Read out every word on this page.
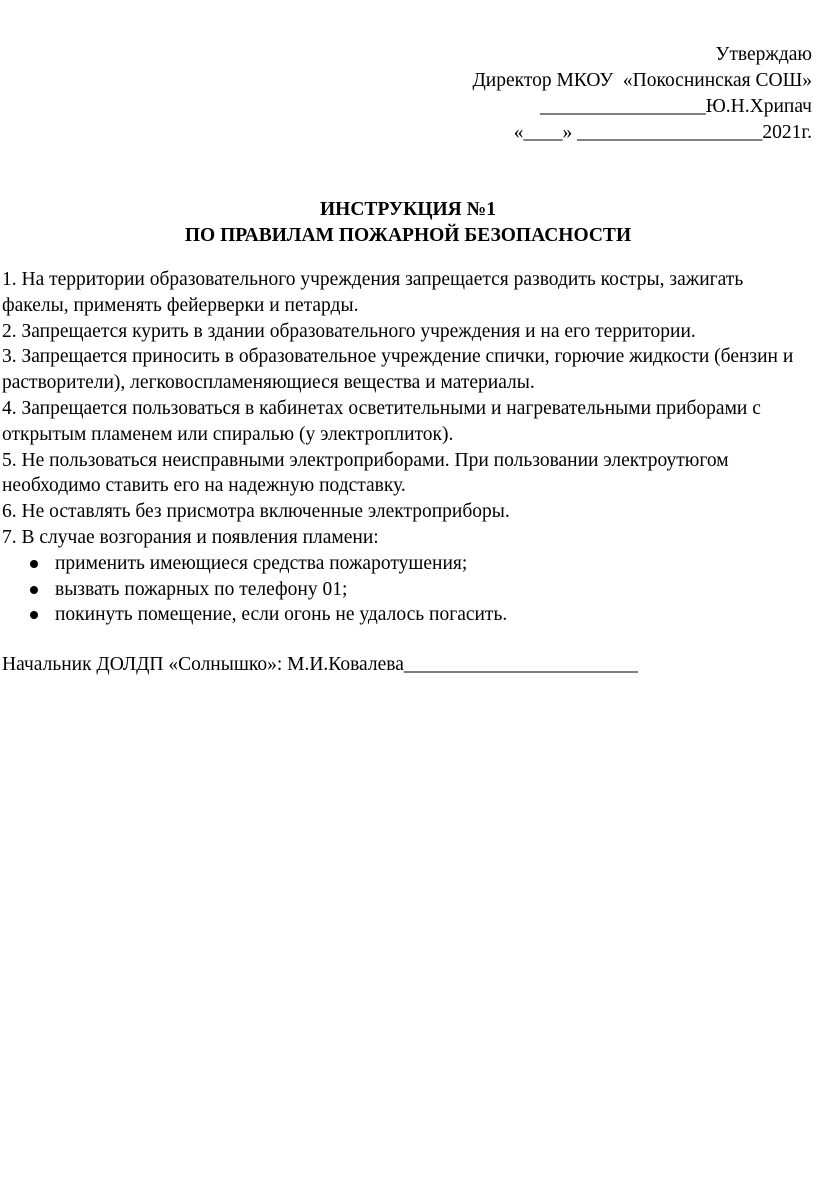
Утверждаю
Директор МКОУ  «Покоснинская СОШ»
_________________Ю.Н.Хрипач
«____» ___________________2021г.
ИНСТРУКЦИЯ №1
ПО ПРАВИЛАМ ПОЖАРНОЙ БЕЗОПАСНОСТИ

1. На территории образовательного учреждения запрещается разводить костры, зажигать факелы, применять фейерверки и петарды.

2. Запрещается курить в здании образовательного учреждения и на его территории.

3. Запрещается приносить в образовательное учреждение спички, горючие жидкости (бензин и растворители), легковоспламеняющиеся вещества и материалы.

4. Запрещается пользоваться в кабинетах осветительными и нагревательными приборами с открытым пламенем или спиралью (у электроплиток).

5. Не пользоваться неисправными электроприборами. При пользовании электроутюгом необходимо ставить его на надежную подставку.

6. Не оставлять без присмотра включенные электроприборы.

7. В случае возгорания и появления пламени:

применить имеющиеся средства пожаротушения;
вызвать пожарных по телефону 01;
покинуть помещение, если огонь не удалось погасить.
Начальник ДОЛДП «Солнышко»: М.И.Ковалева________________________
